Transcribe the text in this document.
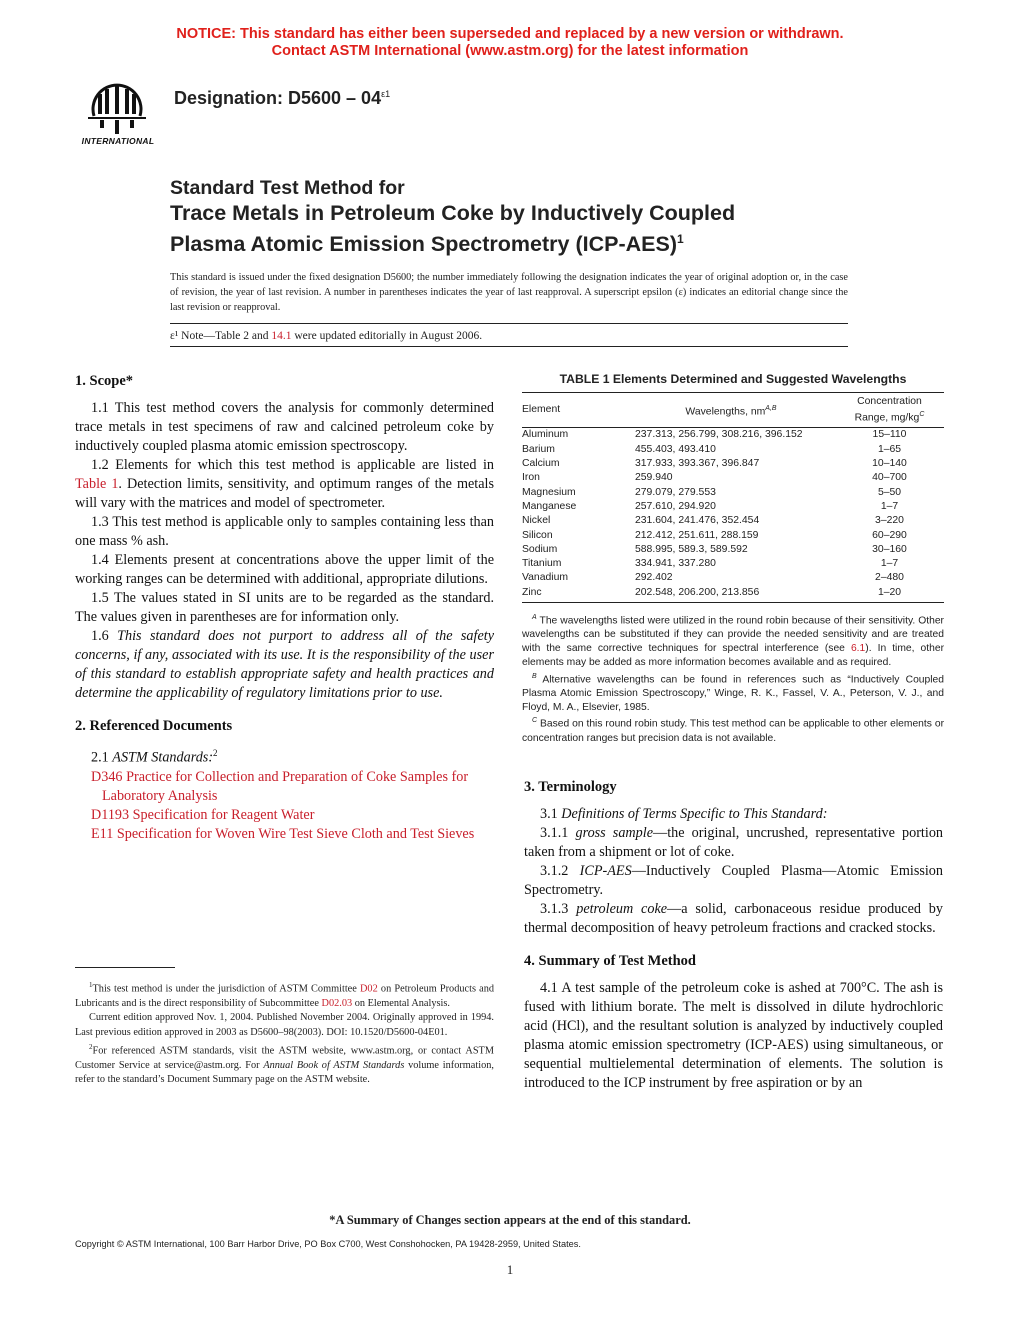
NOTICE: This standard has either been superseded and replaced by a new version or withdrawn.
Contact ASTM International (www.astm.org) for the latest information
INTERNATIONAL
Designation: $D5600 - 04^{\varepsilon 1}$
Standard Test Method for
Trace Metals in Petroleum Coke by Inductively Coupled
Plasma Atomic Emission Spectrometry $(ICP-AES)^1$
This standard is issued under the fixed designation D5600; the number immediately following the designation indicates the year of original adoption or, in the case of revision, the year of last revision. A number in parentheses indicates the year of last reapproval. A superscript epsilon (ε) indicates an editorial change since the last revision or reapproval.
ε¹ Note—Table 2 and 14.1 were updated editorially in August 2006.
1. Scope*

1.1 This test method covers the analysis for commonly determined trace metals in test specimens of raw and calcined petroleum coke by inductively coupled plasma atomic emission spectroscopy.

1.2 Elements for which this test method is applicable are listed in Table 1. Detection limits, sensitivity, and optimum ranges of the metals will vary with the matrices and model of spectrometer.

1.3 This test method is applicable only to samples containing less than one mass % ash.

1.4 Elements present at concentrations above the upper limit of the working ranges can be determined with additional, appropriate dilutions.

1.5 The values stated in SI units are to be regarded as the standard. The values given in parentheses are for information only.

1.6 This standard does not purport to address all of the safety concerns, if any, associated with its use. It is the responsibility of the user of this standard to establish appropriate safety and health practices and determine the applicability of regulatory limitations prior to use.

2. Referenced Documents

2.1 ASTM Standards:$^2$

D346 Practice for Collection and Preparation of Coke Samples for Laboratory Analysis

D1193 Specification for Reagent Water

E11 Specification for Woven Wire Test Sieve Cloth and Test Sieves

$^1$This test method is under the jurisdiction of ASTM Committee D02 on Petroleum Products and Lubricants and is the direct responsibility of Subcommittee D02.03 on Elemental Analysis.

Current edition approved Nov. 1, 2004. Published November 2004. Originally approved in 1994. Last previous edition approved in 2003 as D5600–98(2003). DOI: 10.1520/D5600-04E01.

$^2$For referenced ASTM standards, visit the ASTM website, www.astm.org, or contact ASTM Customer Service at service@astm.org. For Annual Book of ASTM Standards volume information, refer to the standard’s Document Summary page on the ASTM website.

TABLE 1 Elements Determined and Suggested Wavelengths
Element	Wavelengths, $nm^{A,B}$	Concentration
Range, $mg/kg^C$
Aluminum	237.313, 256.799, 308.216, 396.152	15–110
Barium	455.403, 493.410	1–65
Calcium	317.933, 393.367, 396.847	10–140
Iron	259.940	40–700
Magnesium	279.079, 279.553	5–50
Manganese	257.610, 294.920	1–7
Nickel	231.604, 241.476, 352.454	3–220
Silicon	212.412, 251.611, 288.159	60–290
Sodium	588.995, 589.3, 589.592	30–160
Titanium	334.941, 337.280	1–7
Vanadium	292.402	2–480
Zinc	202.548, 206.200, 213.856	1–20

$^A$ The wavelengths listed were utilized in the round robin because of their sensitivity. Other wavelengths can be substituted if they can provide the needed sensitivity and are treated with the same corrective techniques for spectral interference (see 6.1). In time, other elements may be added as more information becomes available and as required.

$^B$ Alternative wavelengths can be found in references such as “Inductively Coupled Plasma Atomic Emission Spectroscopy,” Winge, R. K., Fassel, V. A., Peterson, V. J., and Floyd, M. A., Elsevier, 1985.

$^C$ Based on this round robin study. This test method can be applicable to other elements or concentration ranges but precision data is not available.

3. Terminology

3.1 Definitions of Terms Specific to This Standard:

3.1.1 gross sample—the original, uncrushed, representative portion taken from a shipment or lot of coke.

3.1.2 ICP-AES—Inductively Coupled Plasma—Atomic Emission Spectrometry.

3.1.3 petroleum coke—a solid, carbonaceous residue produced by thermal decomposition of heavy petroleum fractions and cracked stocks.

4. Summary of Test Method

4.1 A test sample of the petroleum coke is ashed at 700°C. The ash is fused with lithium borate. The melt is dissolved in dilute hydrochloric acid (HCl), and the resultant solution is analyzed by inductively coupled plasma atomic emission spectrometry (ICP-AES) using simultaneous, or sequential multielemental determination of elements. The solution is introduced to the ICP instrument by free aspiration or by an

*A Summary of Changes section appears at the end of this standard.
Copyright © ASTM International, 100 Barr Harbor Drive, PO Box C700, West Conshohocken, PA 19428-2959, United States.
1
